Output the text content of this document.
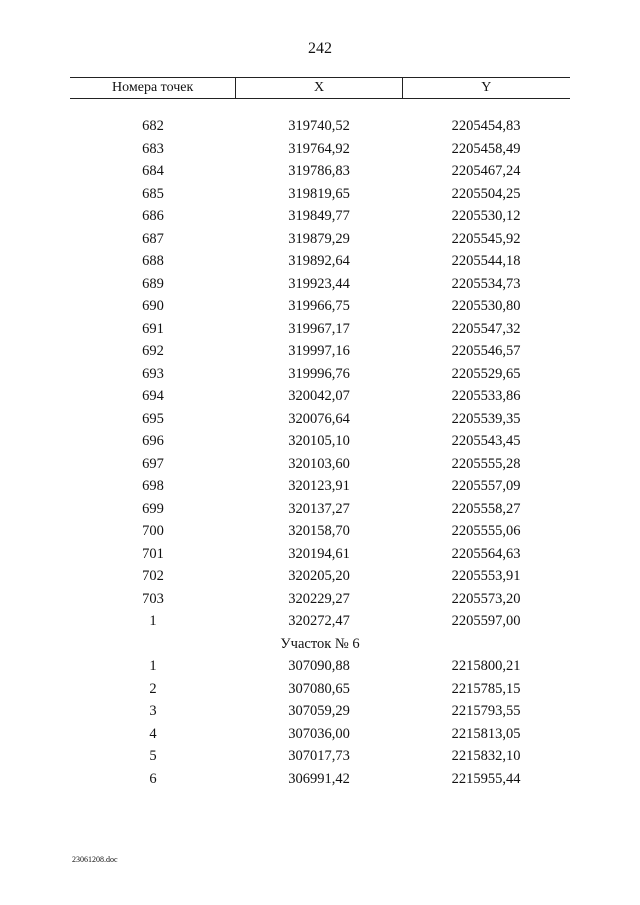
242
Номера точек	X	Y
682	319740,52	2205454,83
683	319764,92	2205458,49
684	319786,83	2205467,24
685	319819,65	2205504,25
686	319849,77	2205530,12
687	319879,29	2205545,92
688	319892,64	2205544,18
689	319923,44	2205534,73
690	319966,75	2205530,80
691	319967,17	2205547,32
692	319997,16	2205546,57
693	319996,76	2205529,65
694	320042,07	2205533,86
695	320076,64	2205539,35
696	320105,10	2205543,45
697	320103,60	2205555,28
698	320123,91	2205557,09
699	320137,27	2205558,27
700	320158,70	2205555,06
701	320194,61	2205564,63
702	320205,20	2205553,91
703	320229,27	2205573,20
1	320272,47	2205597,00
Участок № 6
1	307090,88	2215800,21
2	307080,65	2215785,15
3	307059,29	2215793,55
4	307036,00	2215813,05
5	307017,73	2215832,10
6	306991,42	2215955,44
23061208.doc
